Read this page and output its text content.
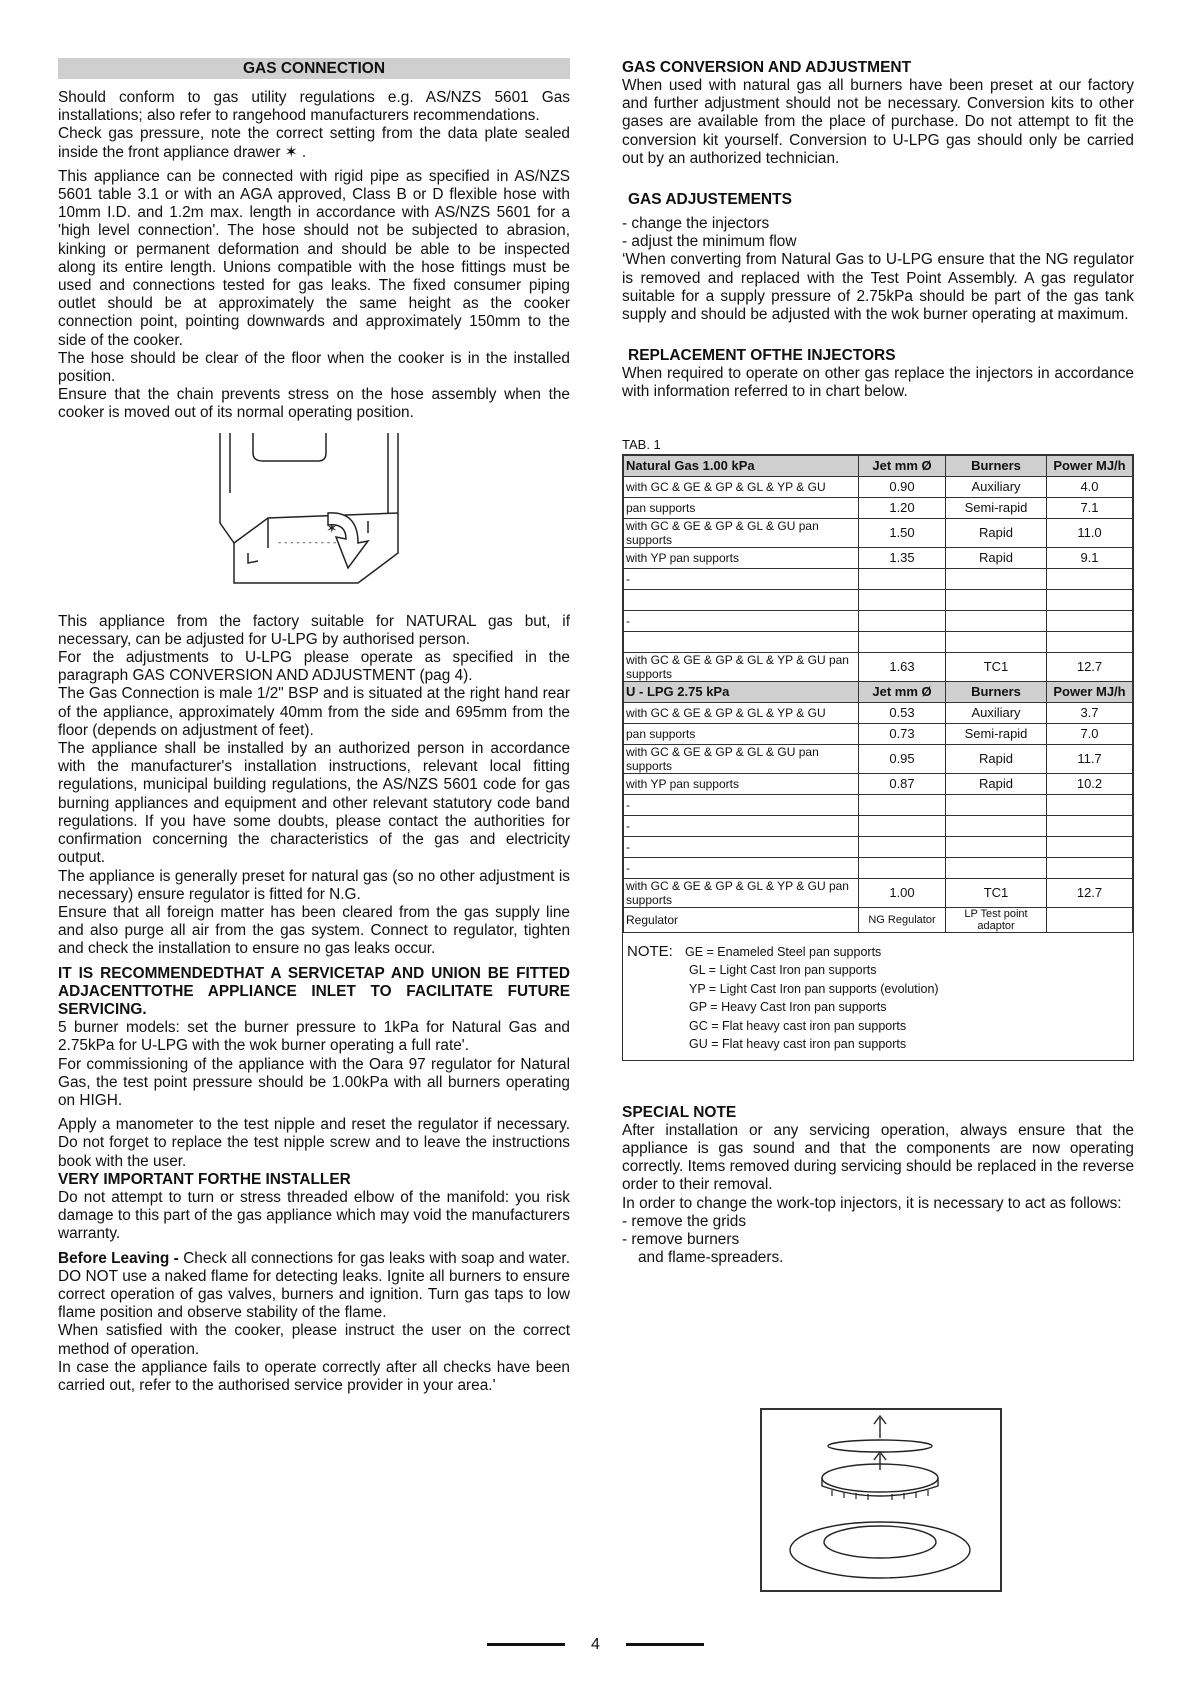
GAS CONNECTION

Should conform to gas utility regulations e.g. AS/NZS 5601 Gas installations; also refer to rangehood manufacturers recommendations.

Check gas pressure, note the correct setting from the data plate sealed inside the front appliance drawer ✶ .

This appliance can be connected with rigid pipe as specified in AS/NZS 5601 table 3.1 or with an AGA approved, Class B or D flexible hose with 10mm I.D. and 1.2m max. length in accordance with AS/NZS 5601 for a 'high level connection'. The hose should not be subjected to abrasion, kinking or permanent deformation and should be able to be inspected along its entire length. Unions compatible with the hose fittings must be used and connections tested for gas leaks. The fixed consumer piping outlet should be at approximately the same height as the cooker connection point, pointing downwards and approximately 150mm to the side of the cooker.

The hose should be clear of the floor when the cooker is in the installed position.

Ensure that the chain prevents stress on the hose assembly when the cooker is moved out of its normal operating position.

- - - - - - - - - -
✶

This appliance from the factory suitable for NATURAL gas but, if necessary, can be adjusted for U-LPG by authorised person.

For the adjustments to U-LPG please operate as specified in the paragraph GAS CONVERSION AND ADJUSTMENT (pag 4).

The Gas Connection is male 1/2" BSP and is situated at the right hand rear of the appliance, approximately 40mm from the side and 695mm from the floor (depends on adjustment of feet).

The appliance shall be installed by an authorized person in accordance with the manufacturer's installation instructions, relevant local fitting regulations, municipal building regulations, the AS/NZS 5601 code for gas burning appliances and equipment and other relevant statutory code band regulations. If you have some doubts, please contact the authorities for confirmation concerning the characteristics of the gas and electricity output.

The appliance is generally preset for natural gas (so no other adjustment is necessary) ensure regulator is fitted for N.G.

Ensure that all foreign matter has been cleared from the gas supply line and also purge all air from the gas system. Connect to regulator, tighten and check the installation to ensure no gas leaks occur.

IT IS RECOMMENDEDTHAT A SERVICETAP AND UNION BE FITTED ADJACENTTOTHE APPLIANCE INLET TO FACILITATE FUTURE SERVICING.

5 burner models: set the burner pressure to 1kPa for Natural Gas and 2.75kPa for U-LPG with the wok burner operating a full rate'.

For commissioning of the appliance with the Oara 97 regulator for Natural Gas, the test point pressure should be 1.00kPa with all burners operating on HIGH.

Apply a manometer to the test nipple and reset the regulator if necessary. Do not forget to replace the test nipple screw and to leave the instructions book with the user.

VERY IMPORTANT FORTHE INSTALLER

Do not attempt to turn or stress threaded elbow of the manifold: you risk damage to this part of the gas appliance which may void the manufacturers warranty.

Before Leaving - Check all connections for gas leaks with soap and water. DO NOT use a naked flame for detecting leaks. Ignite all burners to ensure correct operation of gas valves, burners and ignition. Turn gas taps to low flame position and observe stability of the flame.

When satisfied with the cooker, please instruct the user on the correct method of operation.

In case the appliance fails to operate correctly after all checks have been carried out, refer to the authorised service provider in your area.'

GAS CONVERSION AND ADJUSTMENT

When used with natural gas all burners have been preset at our factory and further adjustment should not be necessary. Conversion kits to other gases are available from the place of purchase. Do not attempt to fit the conversion kit yourself. Conversion to U-LPG gas should only be carried out by an authorized technician.

GAS ADJUSTEMENTS

- change the injectors

- adjust the minimum flow

‘When converting from Natural Gas to U-LPG ensure that the NG regulator is removed and replaced with the Test Point Assembly. A gas regulator suitable for a supply pressure of 2.75kPa should be part of the gas tank supply and should be adjusted with the wok burner operating at maximum.

REPLACEMENT OFTHE INJECTORS

When required to operate on other gas replace the injectors in accordance with information referred to in chart below.

TAB. 1

Natural Gas 1.00 kPa	Jet mm Ø	Burners	Power MJ/h
with GC & GE & GP & GL & YP & GU	0.90	Auxiliary	4.0
pan supports	1.20	Semi-rapid	7.1
with GC & GE & GP & GL & GU pan supports	1.50	Rapid	11.0
with YP pan supports	1.35	Rapid	9.1
-			

-			

with GC & GE & GP & GL & YP & GU pan supports	1.63	TC1	12.7
U - LPG 2.75 kPa	Jet mm Ø	Burners	Power MJ/h
with GC & GE & GP & GL & YP & GU	0.53	Auxiliary	3.7
pan supports	0.73	Semi-rapid	7.0
with GC & GE & GP & GL & GU pan supports	0.95	Rapid	11.7
with YP pan supports	0.87	Rapid	10.2
-			
-			
-			
-			
with GC & GE & GP & GL & YP & GU pan supports	1.00	TC1	12.7
Regulator	NG Regulator	LP Test point adaptor	
NOTE: GE = Enameled Steel pan supports
GL = Light Cast Iron pan supports
YP = Light Cast Iron pan supports (evolution)
GP = Heavy Cast Iron pan supports
GC = Flat heavy cast iron pan supports
GU = Flat heavy cast iron pan supports

SPECIAL NOTE

After installation or any servicing operation, always ensure that the appliance is gas sound and that the components are now operating correctly. Items removed during servicing should be replaced in the reverse order to their removal.

In order to change the work-top injectors, it is necessary to act as follows:

- remove the grids

- remove burners

and flame-spreaders.

4
